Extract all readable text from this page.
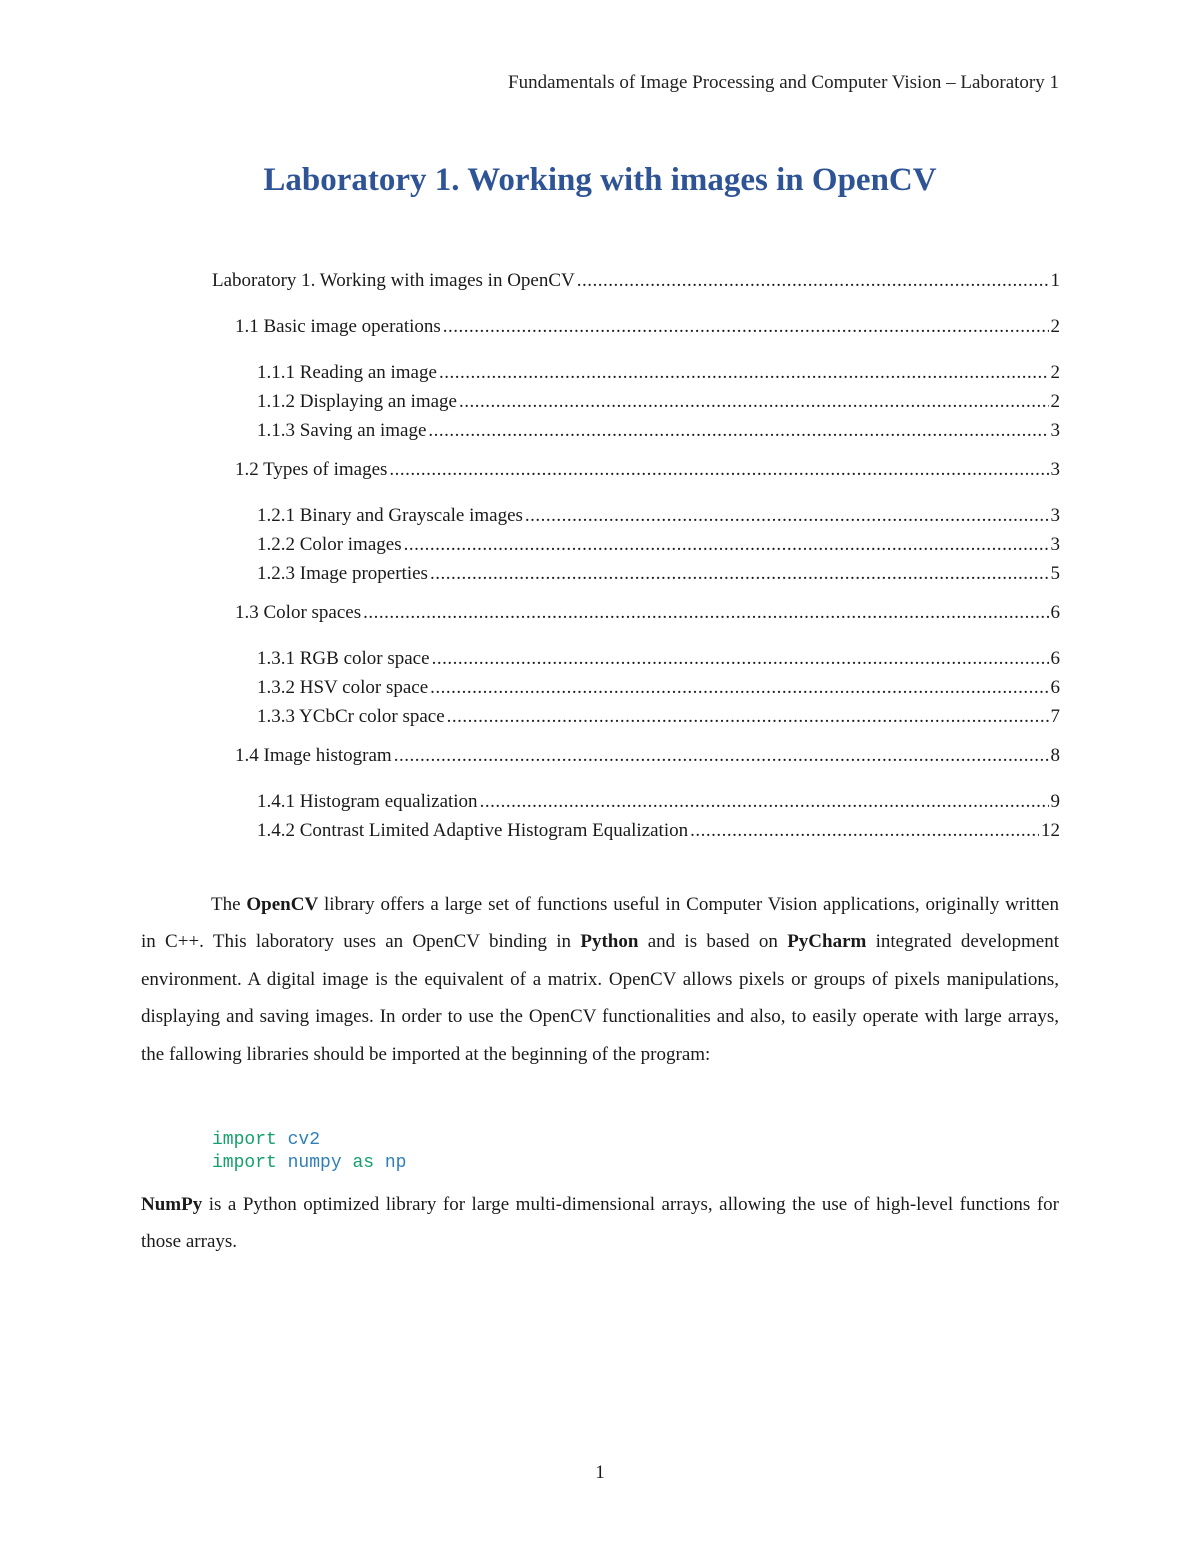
Fundamentals of Image Processing and Computer Vision – Laboratory 1
Laboratory 1. Working with images in OpenCV
Laboratory 1. Working with images in OpenCV .....	1
1.1 Basic image operations .....	2
1.1.1 Reading an image .....	2
1.1.2 Displaying an image .....	2
1.1.3 Saving an image .....	3
1.2 Types of images .....	3
1.2.1 Binary and Grayscale images .....	3
1.2.2 Color images .....	3
1.2.3 Image properties .....	5
1.3 Color spaces .....	6
1.3.1 RGB color space .....	6
1.3.2 HSV color space .....	6
1.3.3 YCbCr color space .....	7
1.4 Image histogram .....	8
1.4.1 Histogram equalization .....	9
1.4.2 Contrast Limited Adaptive Histogram Equalization .....	12

The OpenCV library offers a large set of functions useful in Computer Vision applications, originally written in C++. This laboratory uses an OpenCV binding in Python and is based on PyCharm integrated development environment. A digital image is the equivalent of a matrix. OpenCV allows pixels or groups of pixels manipulations, displaying and saving images. In order to use the OpenCV functionalities and also, to easily operate with large arrays, the fallowing libraries should be imported at the beginning of the program:

import cv2
import numpy as np

NumPy is a Python optimized library for large multi-dimensional arrays, allowing the use of high-level functions for those arrays.

1
